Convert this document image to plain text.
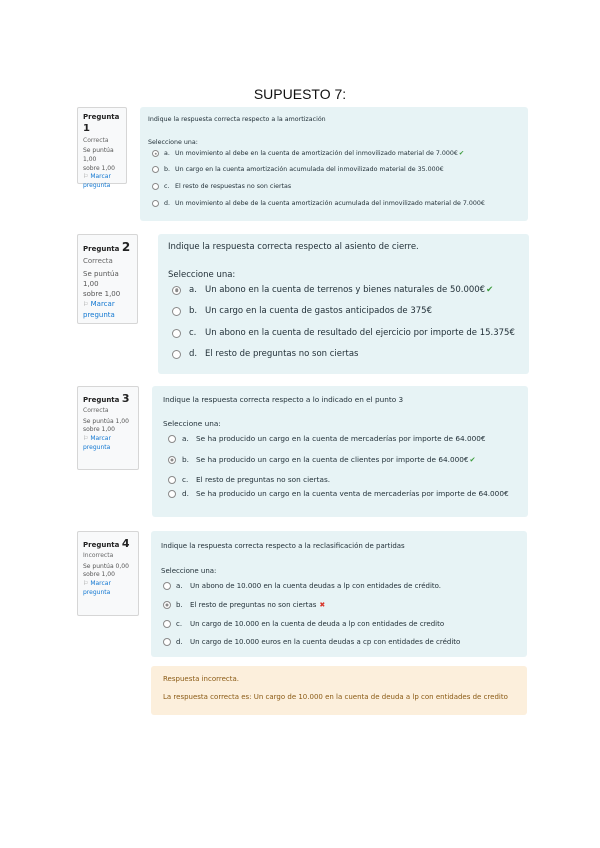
SUPUESTO 7:
Pregunta 1
Correcta
Se puntúa 1,00
sobre 1,00
⚐ Marcar
pregunta
Indique la respuesta correcta respecto a la amortización
Seleccione una:
a. Un movimiento al debe en la cuenta de amortización del inmovilizado material de 7.000€ ✔
b. Un cargo en la cuenta amortización acumulada del inmovilizado material de 35.000€
c. El resto de respuestas no son ciertas
d. Un movimiento al debe de la cuenta amortización acumulada del inmovilizado material de 7.000€
Pregunta 2
Correcta
Se puntúa 1,00
sobre 1,00
⚐ Marcar
pregunta
Indique la respuesta correcta respecto al asiento de cierre.
Seleccione una:
a. Un abono en la cuenta de terrenos y bienes naturales de 50.000€ ✔
b. Un cargo en la cuenta de gastos anticipados de 375€
c.	Un abono en la cuenta de resultado del ejercicio por importe de 15.375€
d. El resto de preguntas no son ciertas
Pregunta 3
Correcta
Se puntúa 1,00
sobre 1,00
⚐ Marcar
pregunta
Indique la respuesta correcta respecto a lo indicado en el punto 3
Seleccione una:
a. Se ha producido un cargo en la cuenta de mercaderías por importe de 64.000€
b. Se ha producido un cargo en la cuenta de clientes por importe de 64.000€ ✔
c.	El resto de preguntas no son ciertas.
d. Se ha producido un cargo en la cuenta venta de mercaderías por importe de 64.000€
Pregunta 4
Incorrecta
Se puntúa 0,00
sobre 1,00
⚐ Marcar
pregunta
Indique la respuesta correcta respecto a la reclasificación de partidas
Seleccione una:
a.	Un abono de 10.000 en la cuenta deudas a lp con entidades de crédito.
b.	El resto de preguntas no son ciertas ✖
c.	Un cargo de 10.000 en la cuenta de deuda a lp con entidades de credito
d.	Un cargo de 10.000 euros en la cuenta deudas a cp con entidades de crédito
Respuesta incorrecta.
La respuesta correcta es: Un cargo de 10.000 en la cuenta de deuda a lp con entidades de credito
